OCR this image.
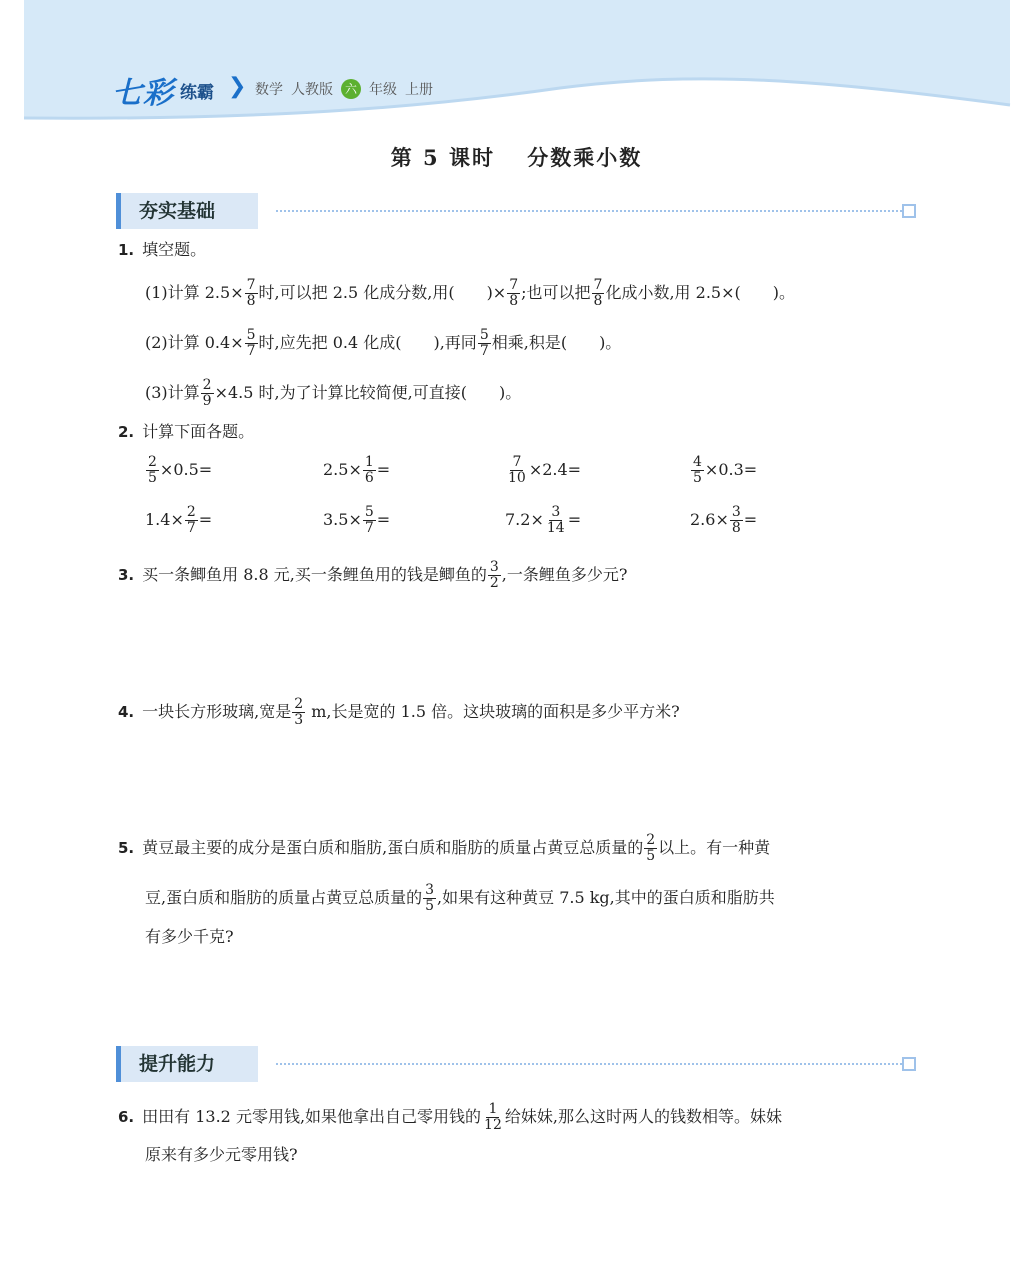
七彩 练霸 ❯ 数学 人教版 六 年级 上册
第 5 课时　 分数乘小数
夯实基础
1. 填空题。
(1)计算 $2.5\times \frac{7}{8}$ 时,可以把 2.5 化成分数,用(　　)× $\frac{7}{8}$ ;也可以把 $\frac{7}{8}$ 化成小数,用 2.5×(　　)。
(2)计算 $0.4\times \frac{5}{7}$ 时,应先把 0.4 化成(　　),再同 $\frac{5}{7}$ 相乘,积是(　　)。
(3)计算 $\frac{2}{9} \times 4.5$ 时,为了计算比较简便,可直接(　　)。
2. 计算下面各题。
$\frac{2}{5} \times 0.5=$	$2.5\times \frac{1}{6}$ =	$\frac{7}{10} \times 2.4=$	$\frac{4}{5} \times 0.3=$
$1.4\times \frac{2}{7}$ =	$3.5\times \frac{5}{7}$ =	$7.2\times \frac{3}{14}$ =	$2.6\times \frac{3}{8}$ =
3. 买一条鲫鱼用 8.8 元,买一条鲤鱼用的钱是鲫鱼的 $\frac{3}{2}$ ,一条鲤鱼多少元?
4. 一块长方形玻璃,宽是 $\frac{2}{3} m$,长是宽的 1.5 倍。这块玻璃的面积是多少平方米?
5. 黄豆最主要的成分是蛋白质和脂肪,蛋白质和脂肪的质量占黄豆总质量的 $\frac{2}{5}$ 以上。有一种黄
豆,蛋白质和脂肪的质量占黄豆总质量的 $\frac{3}{5}$ ,如果有这种黄豆 7.5 kg,其中的蛋白质和脂肪共
有多少千克?
提升能力
6. 田田有 13.2 元零用钱,如果他拿出自己零用钱的 $\frac{1}{12}$ 给妹妹,那么这时两人的钱数相等。妹妹
原来有多少元零用钱?
